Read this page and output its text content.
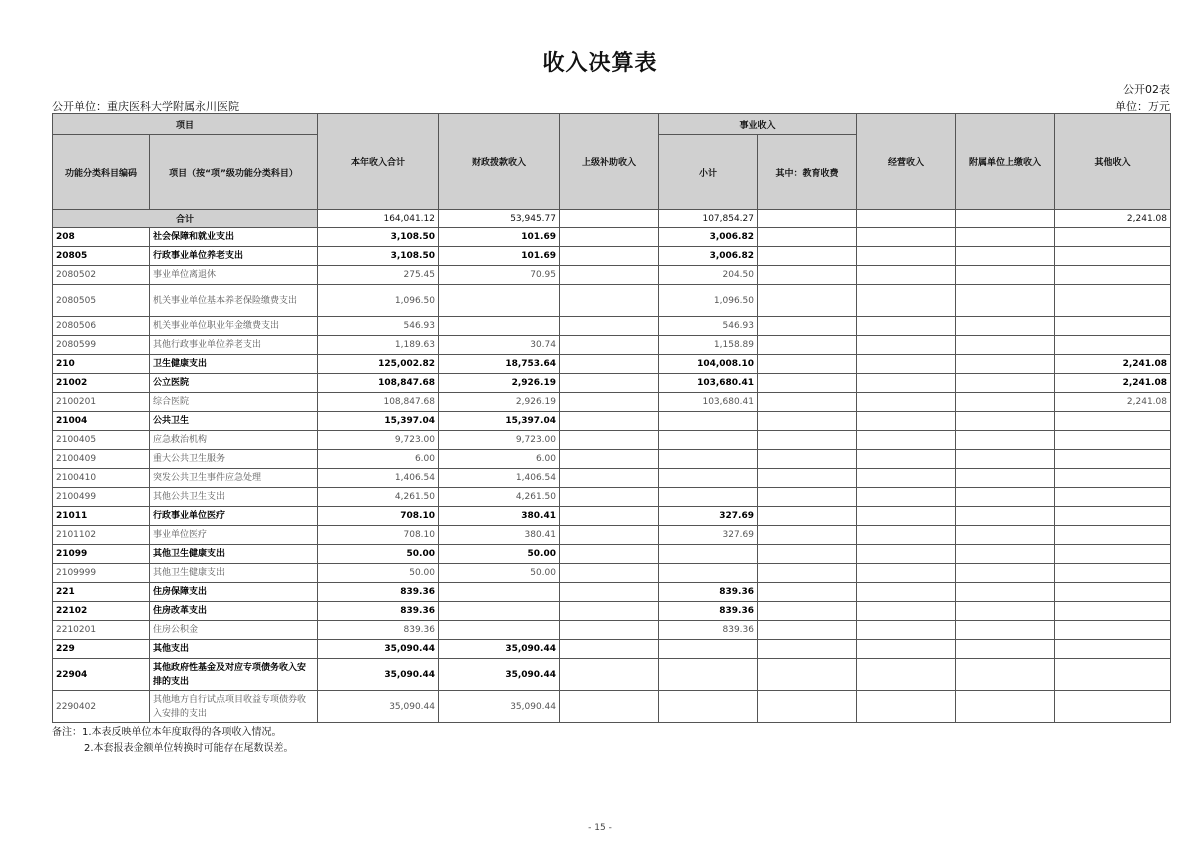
收入决算表
公开02表
公开单位：重庆医科大学附属永川医院	单位：万元
项目		本年收入合计	财政拨款收入	上级补助收入	事业收入		经营收入	附属单位上缴收入	其他收入
功能分类科目编码	项目（按“项”级功能分类科目）				小计	其中：教育收费			

合计		164,041.12	53,945.77		107,854.27				2,241.08
208	社会保障和就业支出	3,108.50	101.69		3,006.82				
20805	行政事业单位养老支出	3,108.50	101.69		3,006.82				
2080502	事业单位离退休	275.45	70.95		204.50				
2080505	机关事业单位基本养老保险缴费支出	1,096.50			1,096.50				
2080506	机关事业单位职业年金缴费支出	546.93			546.93				
2080599	其他行政事业单位养老支出	1,189.63	30.74		1,158.89				
210	卫生健康支出	125,002.82	18,753.64		104,008.10				2,241.08
21002	公立医院	108,847.68	2,926.19		103,680.41				2,241.08
2100201	综合医院	108,847.68	2,926.19		103,680.41				2,241.08
21004	公共卫生	15,397.04	15,397.04						
2100405	应急救治机构	9,723.00	9,723.00						
2100409	重大公共卫生服务	6.00	6.00						
2100410	突发公共卫生事件应急处理	1,406.54	1,406.54						
2100499	其他公共卫生支出	4,261.50	4,261.50						
21011	行政事业单位医疗	708.10	380.41		327.69				
2101102	事业单位医疗	708.10	380.41		327.69				
21099	其他卫生健康支出	50.00	50.00						
2109999	其他卫生健康支出	50.00	50.00						
221	住房保障支出	839.36			839.36				
22102	住房改革支出	839.36			839.36				
2210201	住房公积金	839.36			839.36				
229	其他支出	35,090.44	35,090.44						
22904	其他政府性基金及对应专项债务收入安排的支出	35,090.44	35,090.44						
2290402	其他地方自行试点项目收益专项债券收入安排的支出	35,090.44	35,090.44						
备注：1.本表反映单位本年度取得的各项收入情况。
2.本套报表金额单位转换时可能存在尾数误差。
- 15 -
